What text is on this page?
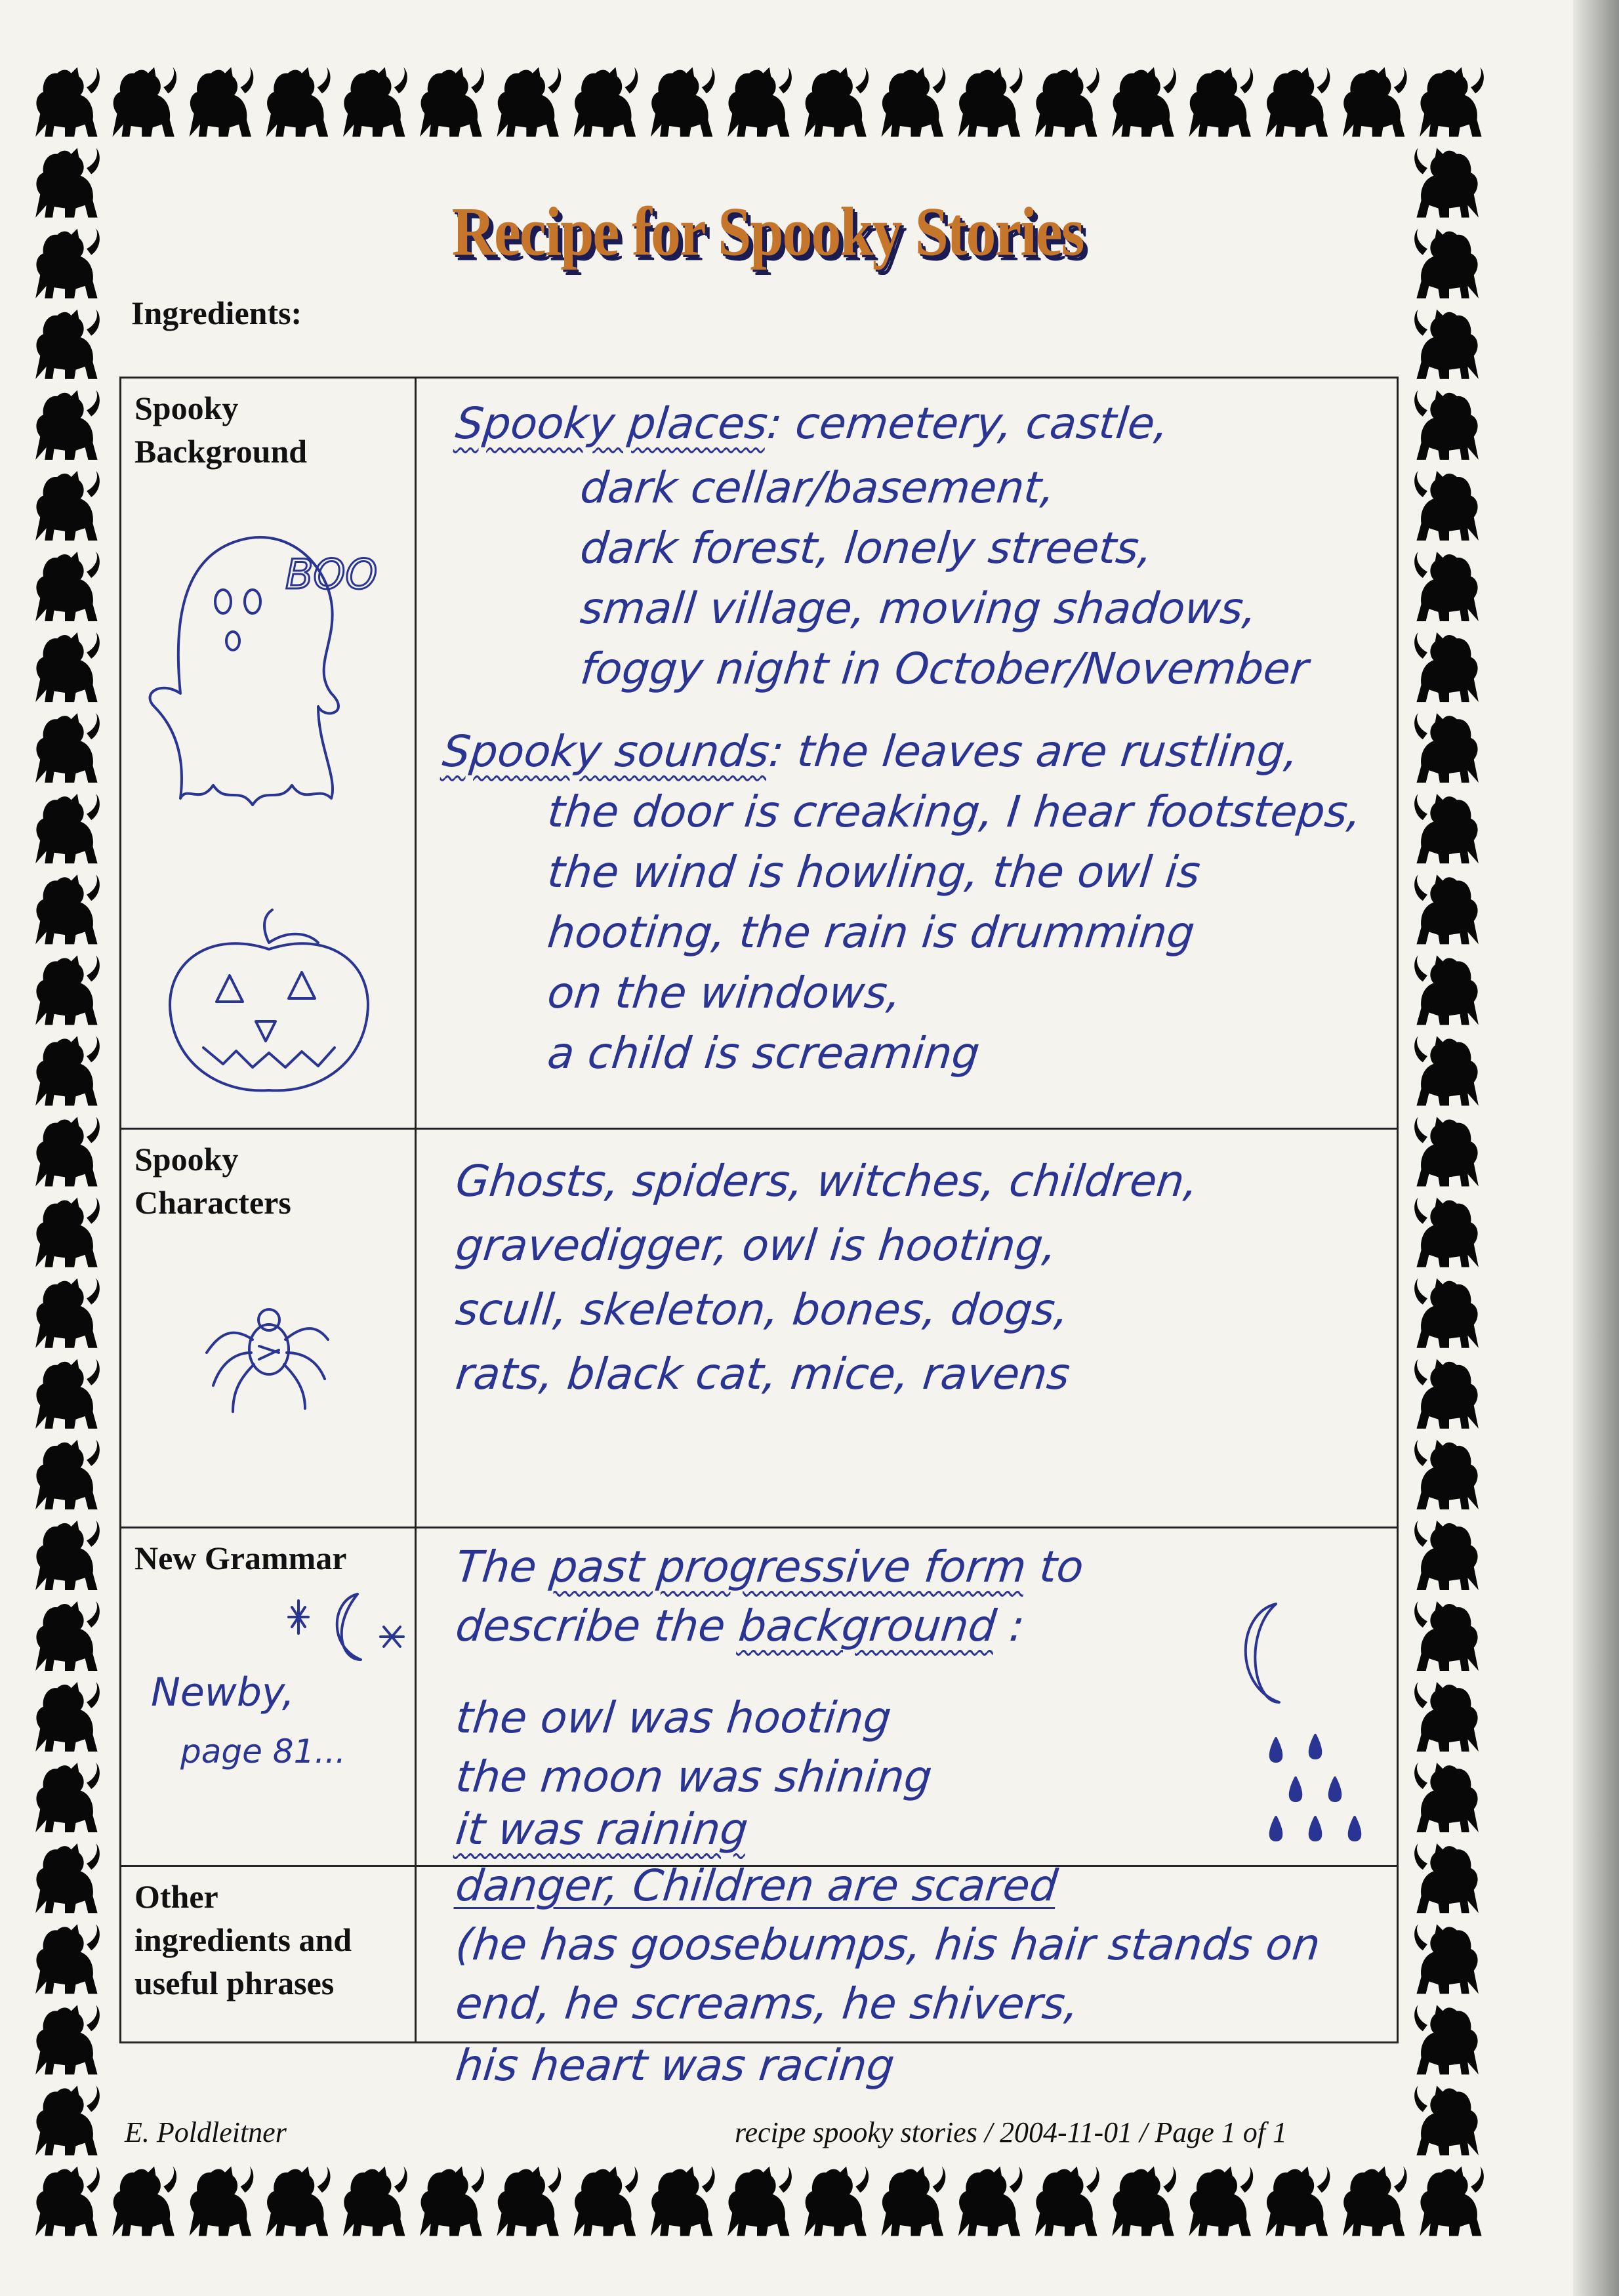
Recipe for Spooky Stories
Ingredients:
Spooky
Background
BOO
Spooky places: cemetery, castle,
dark cellar/basement,
dark forest, lonely streets,
small village, moving shadows,
foggy night in October/November
Spooky sounds: the leaves are rustling,
the door is creaking, I hear footsteps,
the wind is howling, the owl is
hooting, the rain is drumming
on the windows,
a child is screaming
Spooky
Characters	Ghosts, spiders, witches, children,
gravedigger, owl is hooting,
scull, skeleton, bones, dogs,
rats, black cat, mice, ravens
New Grammar
Newby,
page 81...
The past progressive form to
describe the background :
the owl was hooting
the moon was shining
it was raining
Other
ingredients and
useful phrases
danger, Children are scared
(he has goosebumps, his hair stands on
end, he screams, he shivers,
his heart was racing
E. Poldleitner	recipe spooky stories / 2004-11-01 / Page 1 of 1
